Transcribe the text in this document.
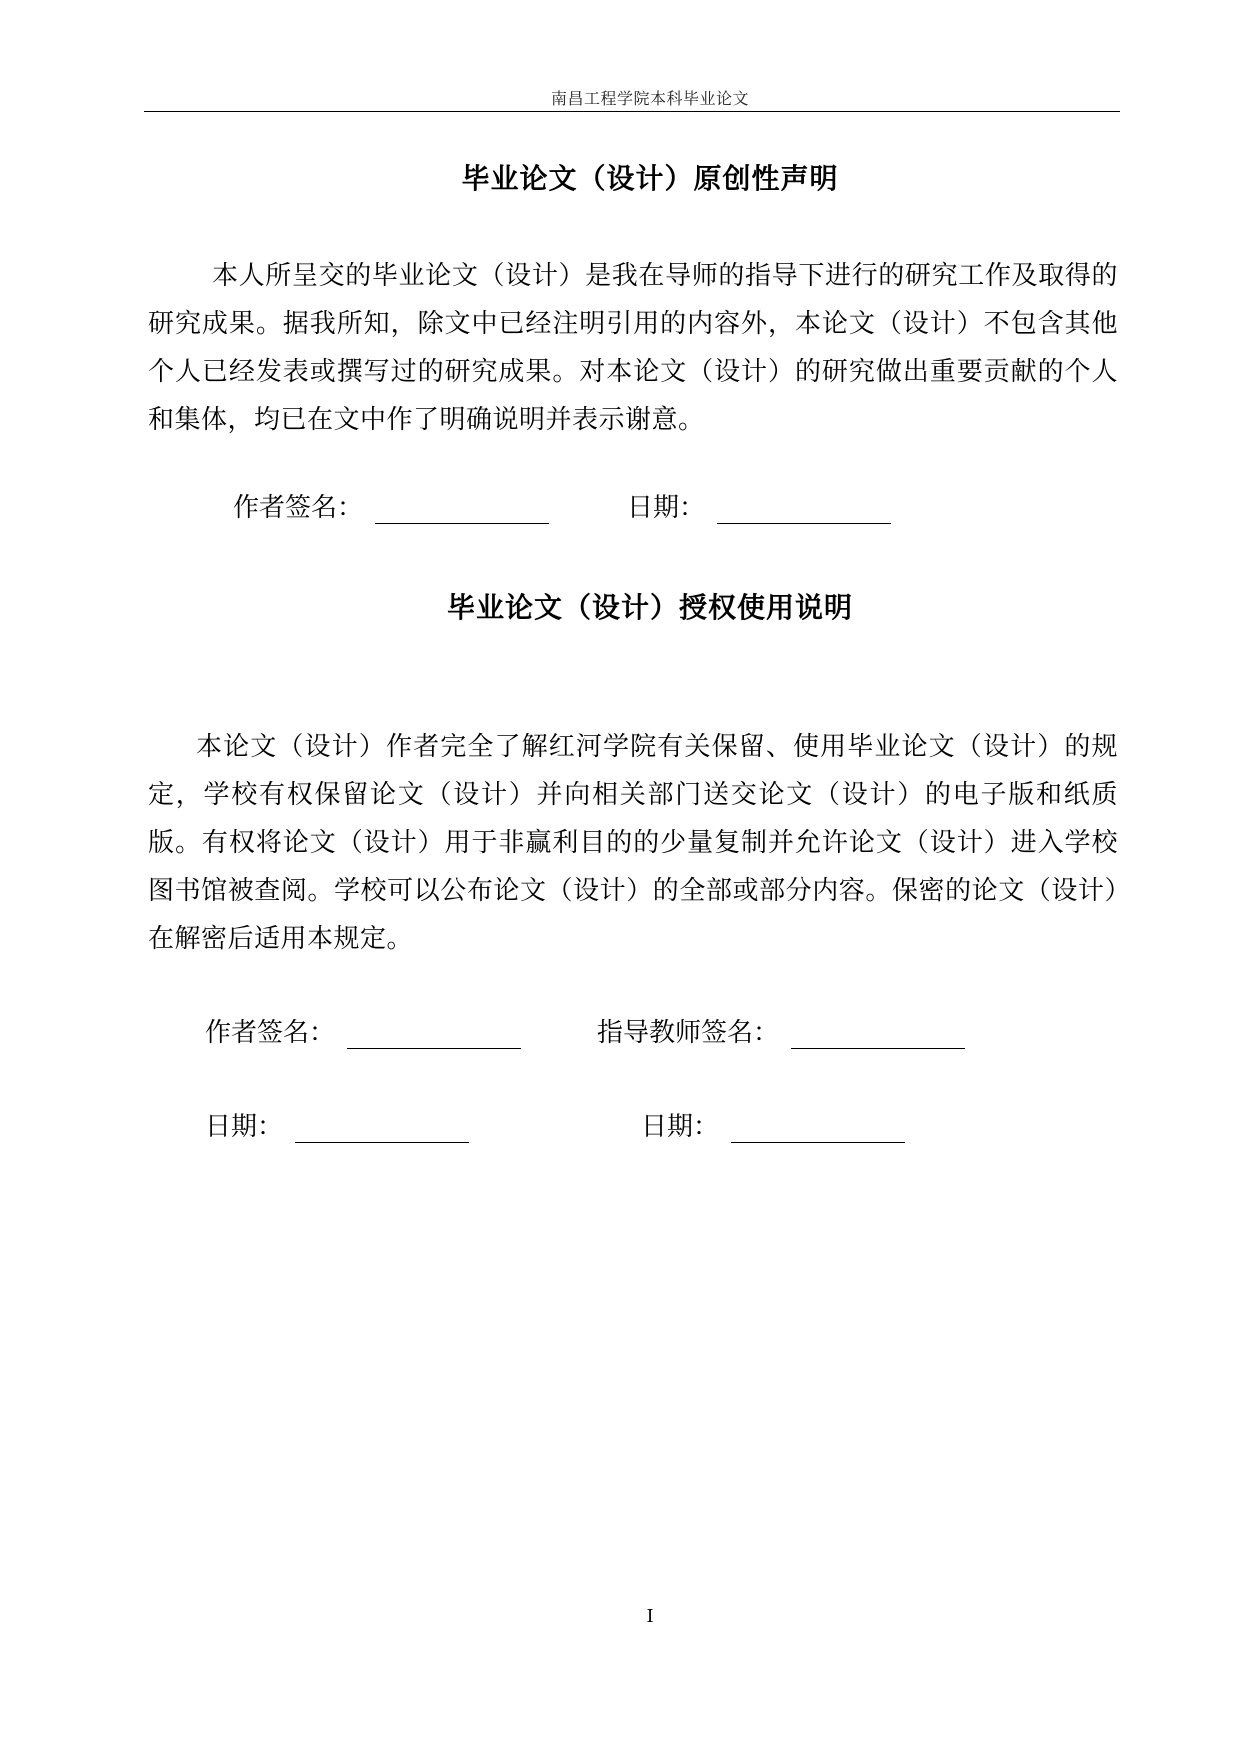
南昌工程学院本科毕业论文
毕业论文（设计）原创性声明
本人所呈交的毕业论文（设计）是我在导师的指导下进行的研究工作及取得的研究成果。据我所知，除文中已经注明引用的内容外，本论文（设计）不包含其他个人已经发表或撰写过的研究成果。对本论文（设计）的研究做出重要贡献的个人和集体，均已在文中作了明确说明并表示谢意。
作者签名：	日期：
毕业论文（设计）授权使用说明
本论文（设计）作者完全了解红河学院有关保留、使用毕业论文（设计）的规定，学校有权保留论文（设计）并向相关部门送交论文（设计）的电子版和纸质版。有权将论文（设计）用于非赢利目的的少量复制并允许论文（设计）进入学校图书馆被查阅。学校可以公布论文（设计）的全部或部分内容。保密的论文（设计）在解密后适用本规定。
作者签名：	指导教师签名：
日期：	日期：
I
